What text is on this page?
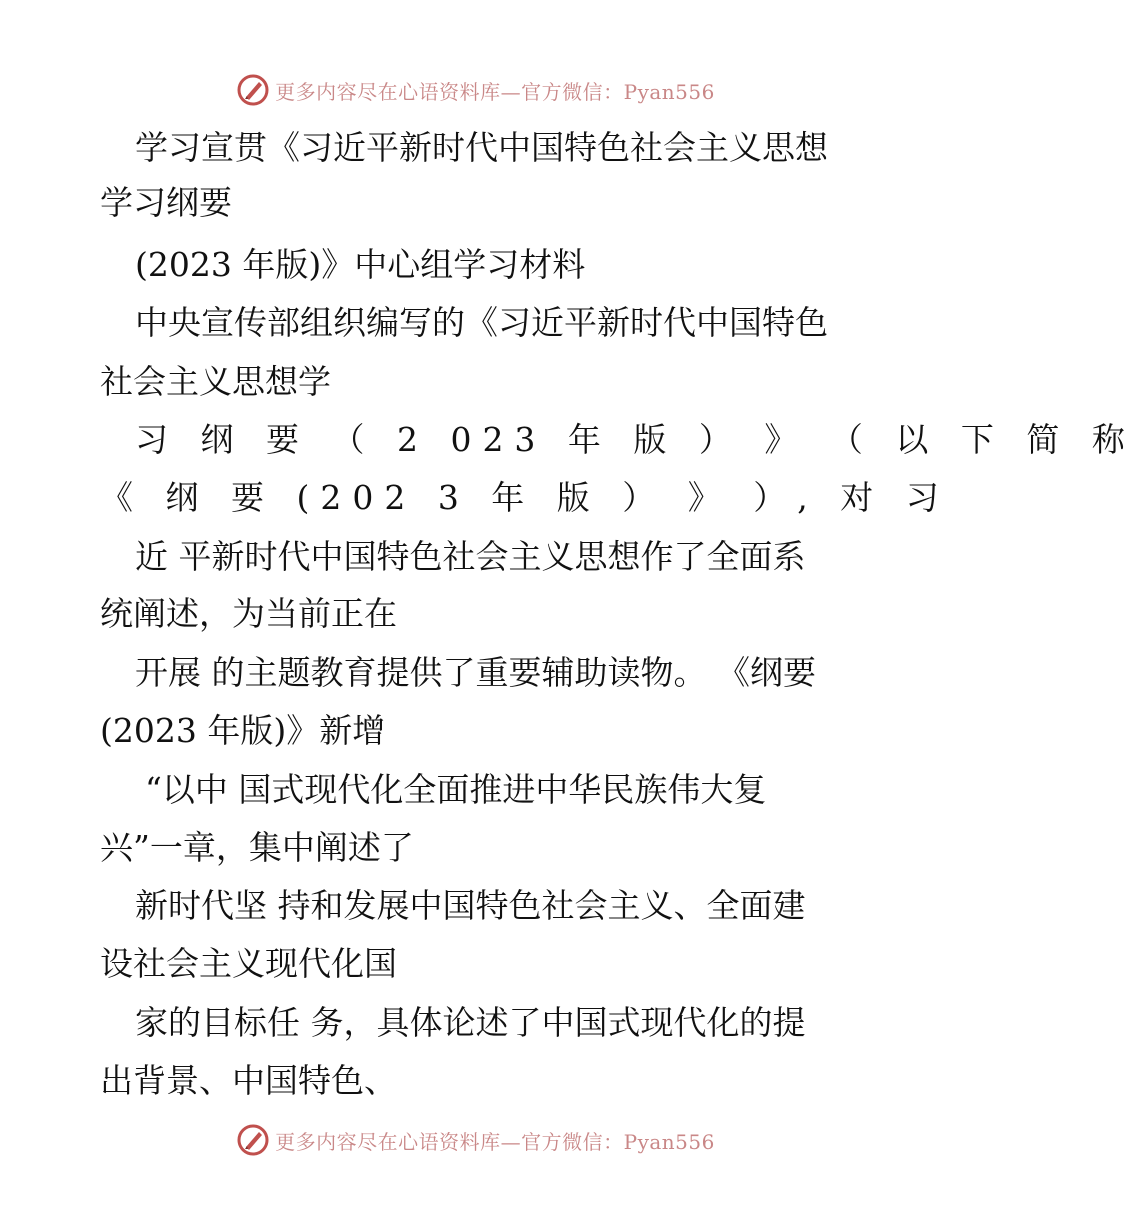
更多内容尽在心语资料库—官方微信：Pyan556
学习宣贯《习近平新时代中国特色社会主义思想
学习纲要
(2023 年版)》中心组学习材料
中央宣传部组织编写的《习近平新时代中国特色
社会主义思想学
习 纲 要 （ 2 023 年 版 ） 》 （ 以 下 简 称
《 纲 要 (202 3 年 版 ） 》 ）, 对 习
近 平新时代中国特色社会主义思想作了全面系
统阐述，为当前正在
开展 的主题教育提供了重要辅助读物。 《纲要
(2023 年版)》新增
“以中 国式现代化全面推进中华民族伟大复
兴”一章，集中阐述了
新时代坚 持和发展中国特色社会主义、全面建
设社会主义现代化国
家的目标任 务，具体论述了中国式现代化的提
出背景、中国特色、
更多内容尽在心语资料库—官方微信：Pyan556
